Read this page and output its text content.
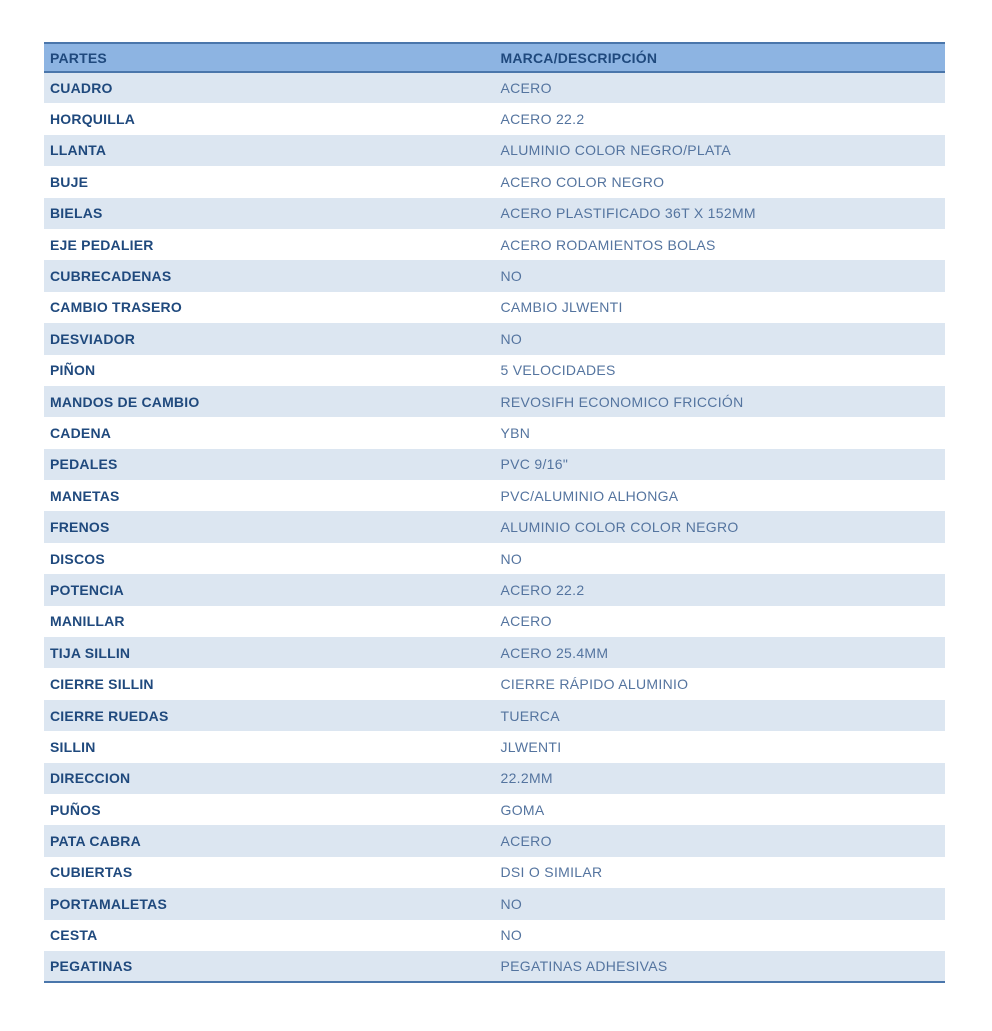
PARTES	MARCA/DESCRIPCIÓN
CUADRO	ACERO
HORQUILLA	ACERO 22.2
LLANTA	ALUMINIO COLOR NEGRO/PLATA
BUJE	ACERO COLOR NEGRO
BIELAS	ACERO PLASTIFICADO 36T X 152MM
EJE PEDALIER	ACERO RODAMIENTOS BOLAS
CUBRECADENAS	NO
CAMBIO TRASERO	CAMBIO JLWENTI
DESVIADOR	NO
PIÑON	5 VELOCIDADES
MANDOS DE CAMBIO	REVOSIFH ECONOMICO FRICCIÓN
CADENA	YBN
PEDALES	PVC 9/16"
MANETAS	PVC/ALUMINIO ALHONGA
FRENOS	ALUMINIO COLOR COLOR NEGRO
DISCOS	NO
POTENCIA	ACERO 22.2
MANILLAR	ACERO
TIJA SILLIN	ACERO 25.4MM
CIERRE SILLIN	CIERRE RÁPIDO ALUMINIO
CIERRE RUEDAS	TUERCA
SILLIN	JLWENTI
DIRECCION	22.2MM
PUÑOS	GOMA
PATA CABRA	ACERO
CUBIERTAS	DSI O SIMILAR
PORTAMALETAS	NO
CESTA	NO
PEGATINAS	PEGATINAS ADHESIVAS
